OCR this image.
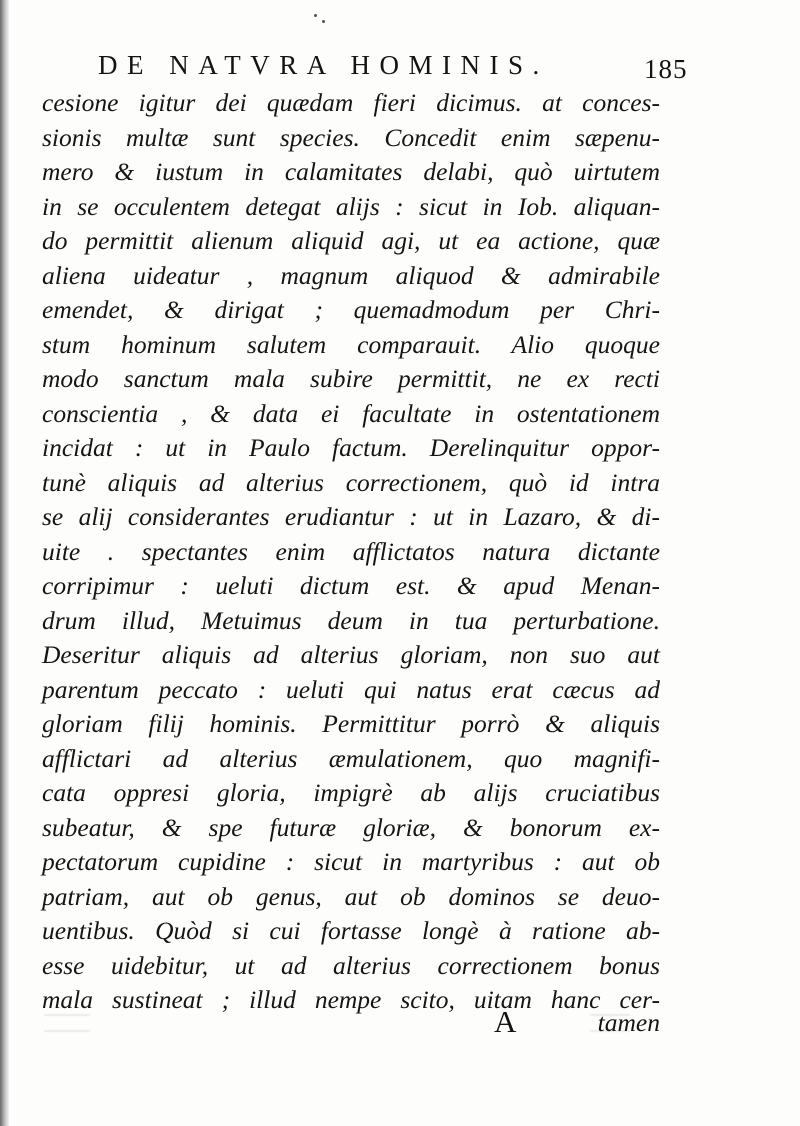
DE NATVRA HOMINIS.	185
cesione igitur dei quædam fieri dicimus. at conces-
sionis multæ sunt species. Concedit enim sæpenu-
mero & iustum in calamitates delabi, quò uirtutem
in se occulentem detegat alijs : sicut in Iob. aliquan-
do permittit alienum aliquid agi, ut ea actione, quæ
aliena uideatur , magnum aliquod & admirabile
emendet, & dirigat ; quemadmodum per Chri-
stum hominum salutem comparauit. Alio quoque
modo sanctum mala subire permittit, ne ex recti
conscientia , & data ei facultate in ostentationem
incidat : ut in Paulo factum. Derelinquitur oppor-
tunè aliquis ad alterius correctionem, quò id intra
se alij considerantes erudiantur : ut in Lazaro, & di-
uite . spectantes enim afflictatos natura dictante
corripimur : ueluti dictum est. & apud Menan-
drum illud, Metuimus deum in tua perturbatione.
Deseritur aliquis ad alterius gloriam, non suo aut
parentum peccato : ueluti qui natus erat cæcus ad
gloriam filij hominis. Permittitur porrò & aliquis
afflictari ad alterius æmulationem, quo magnifi-
cata oppresi gloria, impigrè ab alijs cruciatibus
subeatur, & spe futuræ gloriæ, & bonorum ex-
pectatorum cupidine : sicut in martyribus : aut ob
patriam, aut ob genus, aut ob dominos se deuo-
uentibus. Quòd si cui fortasse longè à ratione ab-
esse uidebitur, ut ad alterius correctionem bonus
mala sustineat ; illud nempe scito, uitam hanc cer-
A	tamen
